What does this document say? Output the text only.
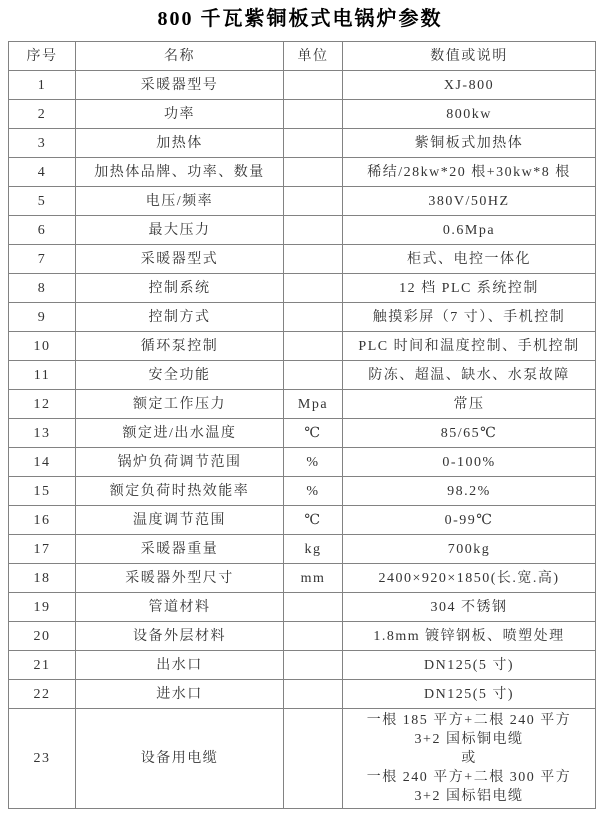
800 千瓦紫铜板式电锅炉参数
序号	名称	单位	数值或说明
1	采暖器型号		XJ-800
2	功率		800kw
3	加热体		紫铜板式加热体
4	加热体品牌、功率、数量		稀结/28kw*20 根+30kw*8 根
5	电压/频率		380V/50HZ
6	最大压力		0.6Mpa
7	采暖器型式		柜式、电控一体化
8	控制系统		12 档 PLC 系统控制
9	控制方式		触摸彩屏（7 寸）、手机控制
10	循环泵控制		PLC 时间和温度控制、手机控制
11	安全功能		防冻、超温、缺水、水泵故障
12	额定工作压力	Mpa	常压
13	额定进/出水温度	℃	85/65℃
14	锅炉负荷调节范围	%	0-100%
15	额定负荷时热效能率	%	98.2%
16	温度调节范围	℃	0-99℃
17	采暖器重量	kg	700kg
18	采暖器外型尺寸	mm	2400×920×1850(长.宽.高)
19	管道材料		304 不锈钢
20	设备外层材料		1.8mm 镀锌钢板、喷塑处理
21	出水口		DN125(5 寸)
22	进水口		DN125(5 寸)
23	设备用电缆		一根 185 平方+二根 240 平方
3+2 国标铜电缆
或
一根 240 平方+二根 300 平方
3+2 国标铝电缆
